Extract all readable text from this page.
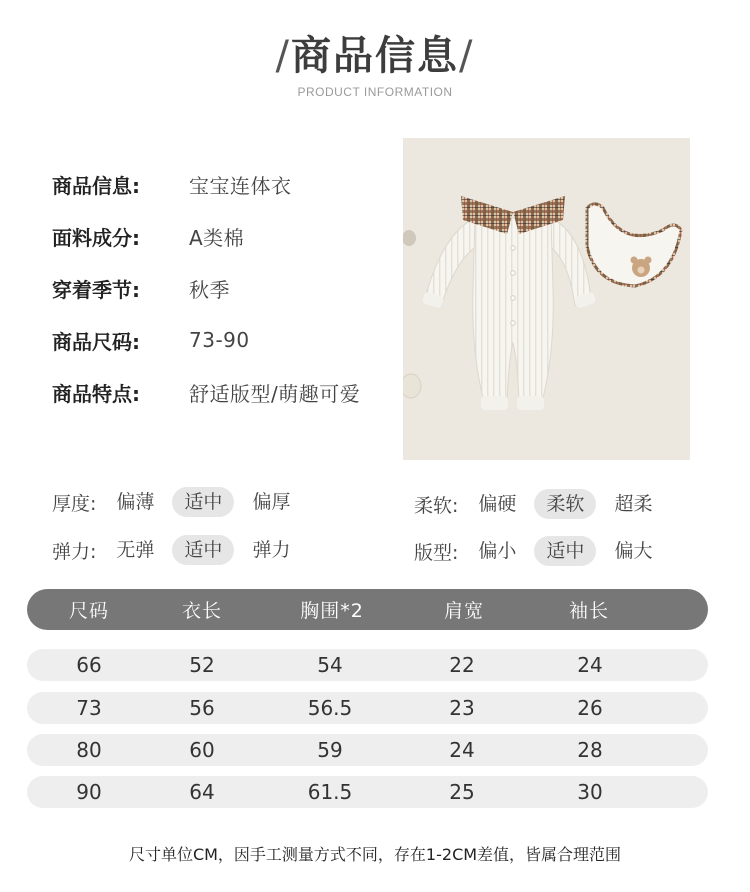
/商品信息/
PRODUCT INFORMATION
商品信息:	宝宝连体衣
面料成分:	A类棉
穿着季节:	秋季
商品尺码:	73-90
商品特点:	舒适版型/萌趣可爱
厚度:	偏薄	适中	偏厚	柔软:	偏硬	柔软	超柔
弹力:	无弹	适中	弹力	版型:	偏小	适中	偏大
尺码	衣长	胸围*2	肩宽	袖长
66	52	54	22	24
73	56	56.5	23	26
80	60	59	24	28
90	64	61.5	25	30
尺寸单位CM，因手工测量方式不同，存在1-2CM差值，皆属合理范围
